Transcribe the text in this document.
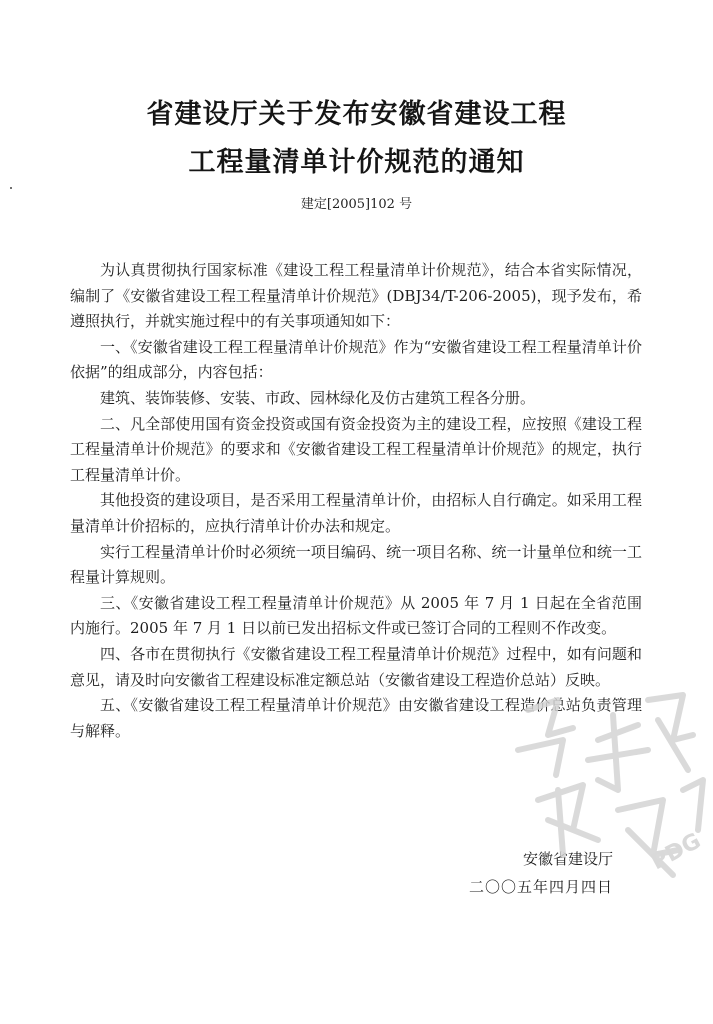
省建设厅关于发布安徽省建设工程
工程量清单计价规范的通知
建定[2005]102 号

为认真贯彻执行国家标准《建设工程工程量清单计价规范》，结合本省实际情况，编制了《安徽省建设工程工程量清单计价规范》(DBJ34/T-206-2005)，现予发布，希遵照执行，并就实施过程中的有关事项通知如下：

一、《安徽省建设工程工程量清单计价规范》作为“安徽省建设工程工程量清单计价依据”的组成部分，内容包括：

建筑、装饰装修、安装、市政、园林绿化及仿古建筑工程各分册。

二、凡全部使用国有资金投资或国有资金投资为主的建设工程，应按照《建设工程工程量清单计价规范》的要求和《安徽省建设工程工程量清单计价规范》的规定，执行工程量清单计价。

其他投资的建设项目，是否采用工程量清单计价，由招标人自行确定。如采用工程量清单计价招标的，应执行清单计价办法和规定。

实行工程量清单计价时必须统一项目编码、统一项目名称、统一计量单位和统一工程量计算规则。

三、《安徽省建设工程工程量清单计价规范》从 2005 年 7 月 1 日起在全省范围内施行。2005 年 7 月 1 日以前已发出招标文件或已签订合同的工程则不作改变。

四、各市在贯彻执行《安徽省建设工程工程量清单计价规范》过程中，如有问题和意见，请及时向安徽省工程建设标准定额总站（安徽省建设工程造价总站）反映。

五、《安徽省建设工程工程量清单计价规范》由安徽省建设工程造价总站负责管理与解释。

安徽省建设厅
二〇〇五年四月四日
PDG
